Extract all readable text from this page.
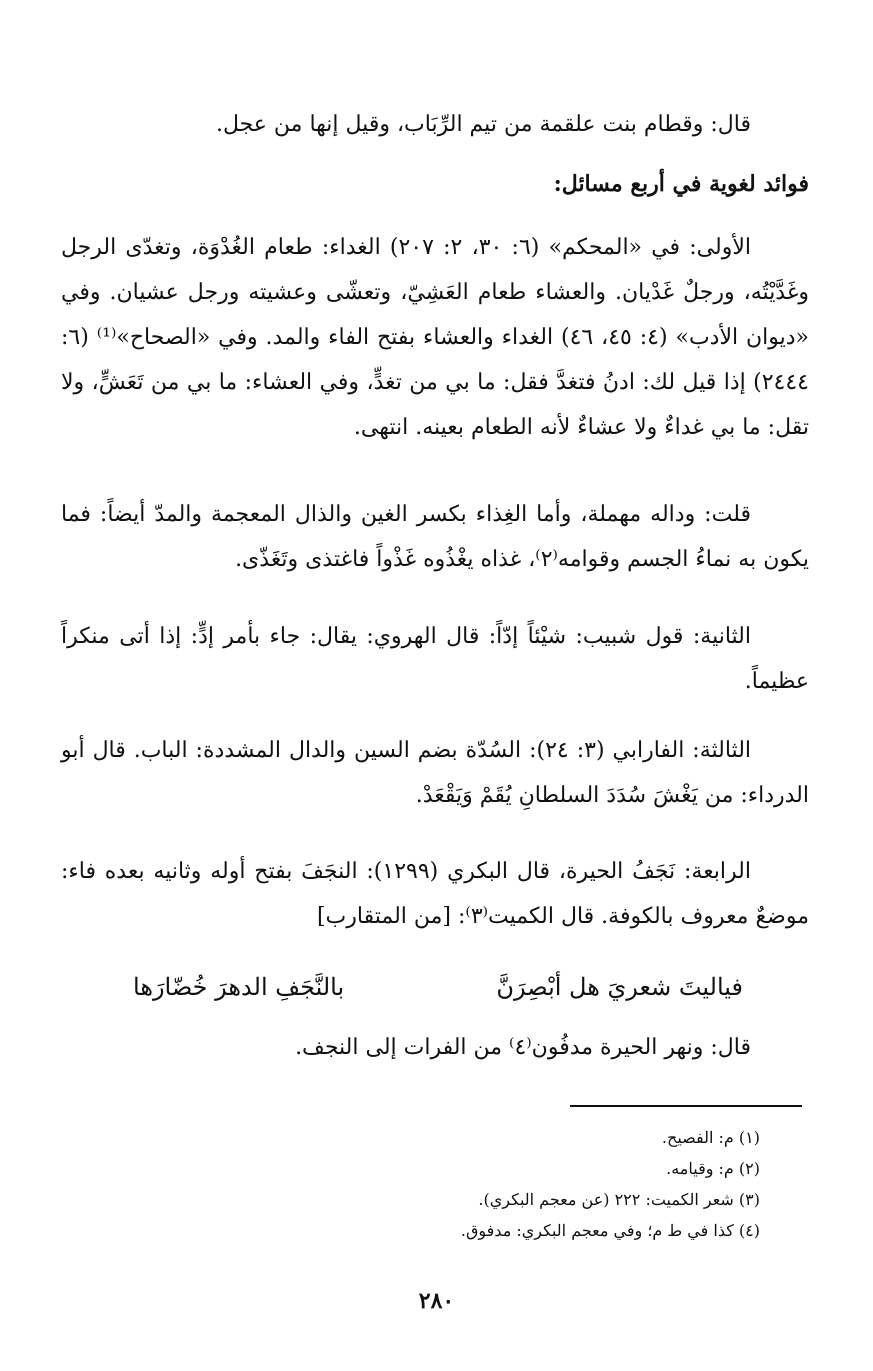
قال: وقطام بنت علقمة من تيم الرِّبَاب، وقيل إنها من عجل.

فوائد لغوية في أربع مسائل:

الأولى: في «المحكم» (٦: ٣٠، ٢: ٢٠٧) الغداء: طعام الغُدْوَة، وتغدّى الرجل وغَدَّيْتُه، ورجلٌ غَدْيان. والعشاء طعام العَشِيّ، وتعشّى وعشيته ورجل عشيان. وفي «ديوان الأدب» (٤: ٤٥، ٤٦) الغداء والعشاء بفتح الفاء والمد. وفي «الصحاح»⁽¹⁾ (٦: ٢٤٤٤) إذا قيل لك: ادنُ فتغدَّ فقل: ما بي من تغدٍّ، وفي العشاء: ما بي من تَعَشٍّ، ولا تقل: ما بي غداءٌ ولا عشاءٌ لأنه الطعام بعينه. انتهى.

قلت: وداله مهملة، وأما الغِذاء بكسر الغين والذال المعجمة والمدّ أيضاً: فما يكون به نماءُ الجسم وقوامه⁽٢⁾، غذاه يغْذُوه غَذْواً فاغتذى وتَغَذّى.

الثانية: قول شبيب: شيْئاً إدّاً: قال الهروي: يقال: جاء بأمر إدٍّ: إذا أتى منكراً عظيماً.

الثالثة: الفارابي (٣: ٢٤): السُدّة بضم السين والدال المشددة: الباب. قال أبو الدرداء: من يَغْشَ سُدَدَ السلطانِ يُقَمْ وَيَقْعَدْ.

الرابعة: نَجَفُ الحيرة، قال البكري (١٢٩٩): النجَفَ بفتح أوله وثانيه بعده فاء: موضعٌ معروف بالكوفة. قال الكميت⁽٣⁾: [من المتقارب]

فياليتَ شعريَ هل أبْصِرَنَّ
بالنَّجَفِ الدهرَ خُضّارَها

قال: ونهر الحيرة مدفُون⁽٤⁾ من الفرات إلى النجف.

(١) م: الفصيح.
(٢) م: وقيامه.
(٣) شعر الكميت: ٢٢٢ (عن معجم البكري).
(٤) كذا في ط م؛ وفي معجم البكري: مدفوق.
٢٨٠
